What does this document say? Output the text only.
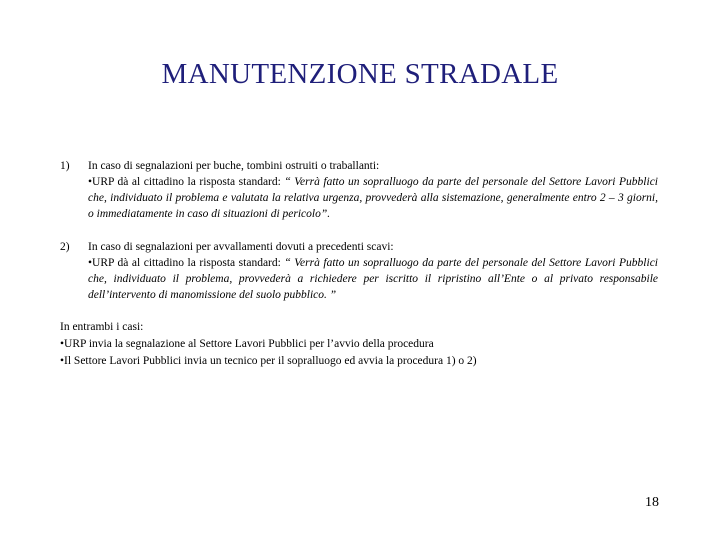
MANUTENZIONE STRADALE
1)	In caso di segnalazioni per buche, tombini ostruiti o traballanti:

•URP dà al cittadino la risposta standard: “ Verrà fatto un sopralluogo da parte del personale del Settore Lavori Pubblici che, individuato il problema e valutata la relativa urgenza, provvederà alla sistemazione, generalmente entro 2 – 3 giorni, o immediatamente in caso di situazioni di pericolo”.

2)	In caso di segnalazioni per avvallamenti dovuti a precedenti scavi:

•URP dà al cittadino la risposta standard: “ Verrà fatto un sopralluogo da parte del personale del Settore Lavori Pubblici che, individuato il problema, provvederà a richiedere per iscritto il ripristino all’Ente o al privato responsabile dell’intervento di manomissione del suolo pubblico. ”

In entrambi i casi:

•URP invia la segnalazione al Settore Lavori Pubblici per l’avvio della procedura

•Il Settore Lavori Pubblici invia un tecnico per il sopralluogo ed avvia la procedura 1) o 2)

18
